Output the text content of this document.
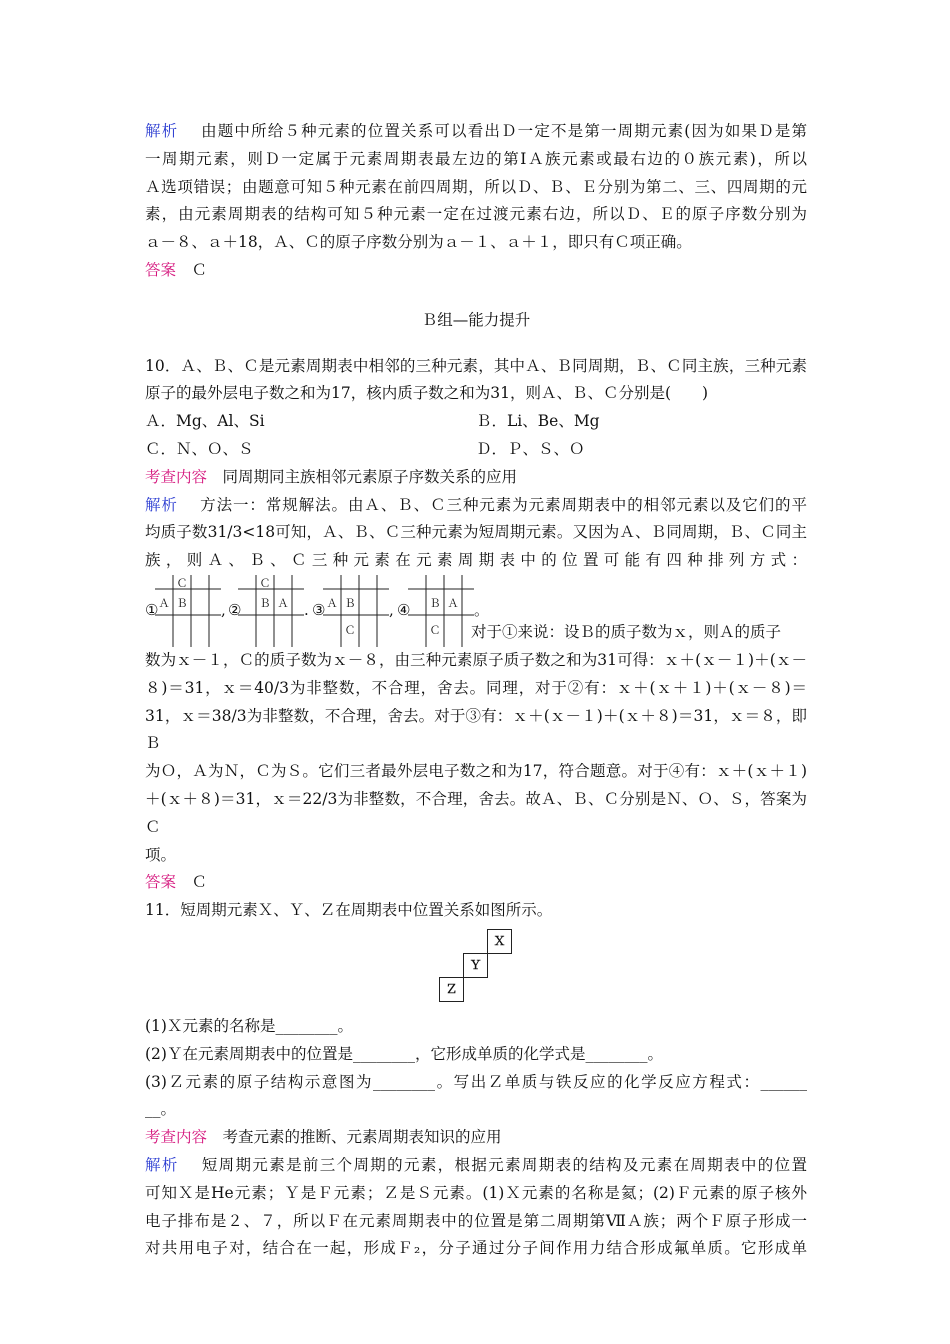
解析　 由题中所给５种元素的位置关系可以看出Ｄ一定不是第一周期元素(因为如果Ｄ是第

一周期元素，则Ｄ一定属于元素周期表最左边的第ⅠＡ族元素或最右边的０族元素)，所以

Ａ选项错误；由题意可知５种元素在前四周期，所以Ｄ、Ｂ、Ｅ分别为第二、三、四周期的元

素，由元素周期表的结构可知５种元素一定在过渡元素右边，所以Ｄ、Ｅ的原子序数分别为

ａ－８、ａ＋18，Ａ、Ｃ的原子序数分别为ａ－１、ａ＋１，即只有Ｃ项正确。

答案　 Ｃ

Ｂ组—能力提升

10．Ａ、Ｂ、Ｃ是元素周期表中相邻的三种元素，其中Ａ、Ｂ同周期，Ｂ、Ｃ同主族，三种元素

原子的最外层电子数之和为17，核内质子数之和为31，则Ａ、Ｂ、Ｃ分别是(　　)

Ａ．Mg、Al、Si	Ｂ．Li、Be、Mg
Ｃ．Ｎ、Ｏ、Ｓ	Ｄ．Ｐ、Ｓ、Ｏ

考查内容　 同周期同主族相邻元素原子序数关系的应用

解析　 方法一：常规解法。由Ａ、Ｂ、Ｃ三种元素为元素周期表中的相邻元素以及它们的平

均质子数31/3<18可知，Ａ、Ｂ、Ｃ三种元素为短周期元素。又因为Ａ、Ｂ同周期，Ｂ、Ｃ同主

族，则Ａ、Ｂ、Ｃ三种元素在元素周期表中的位置可能有四种排列方式：

①
Ｃ
Ａ Ｂ , ②
Ｃ
Ｂ Ａ . ③ Ａ Ｂ
Ｃ
, ④ Ｂ Ａ
Ｃ
。
对于①来说：设Ｂ的质子数为ｘ，则Ａ的质子

数为ｘ－１，Ｃ的质子数为ｘ－８，由三种元素原子质子数之和为31可得：ｘ＋(ｘ－１)＋(ｘ－

８)＝31，ｘ＝40/3为非整数，不合理，舍去。同理，对于②有：ｘ＋(ｘ＋１)＋(ｘ－８)＝

31，ｘ＝38/3为非整数，不合理，舍去。对于③有：ｘ＋(ｘ－１)＋(ｘ＋８)＝31，ｘ＝８，即Ｂ

为Ｏ，Ａ为Ｎ，Ｃ为Ｓ。它们三者最外层电子数之和为17，符合题意。对于④有：ｘ＋(ｘ＋１)

＋(ｘ＋８)＝31，ｘ＝22/3为非整数，不合理，舍去。故Ａ、Ｂ、Ｃ分别是Ｎ、Ｏ、Ｓ，答案为Ｃ

项。

答案　 Ｃ

11．短周期元素Ｘ、Ｙ、Ｚ在周期表中位置关系如图所示。

Ｘ
Ｙ
Ｚ

(1)Ｘ元素的名称是________。

(2)Ｙ在元素周期表中的位置是________，它形成单质的化学式是________。

(3)Ｚ元素的原子结构示意图为________。写出Ｚ单质与铁反应的化学反应方程式：______

__。

考查内容　 考查元素的推断、元素周期表知识的应用

解析　 短周期元素是前三个周期的元素，根据元素周期表的结构及元素在周期表中的位置

可知Ｘ是He元素；Ｙ是Ｆ元素；Ｚ是Ｓ元素。(1)Ｘ元素的名称是氦；(2)Ｆ元素的原子核外

电子排布是２、７，所以Ｆ在元素周期表中的位置是第二周期第ⅦＡ族；两个Ｆ原子形成一

对共用电子对，结合在一起，形成Ｆ₂，分子通过分子间作用力结合形成氟单质。它形成单
